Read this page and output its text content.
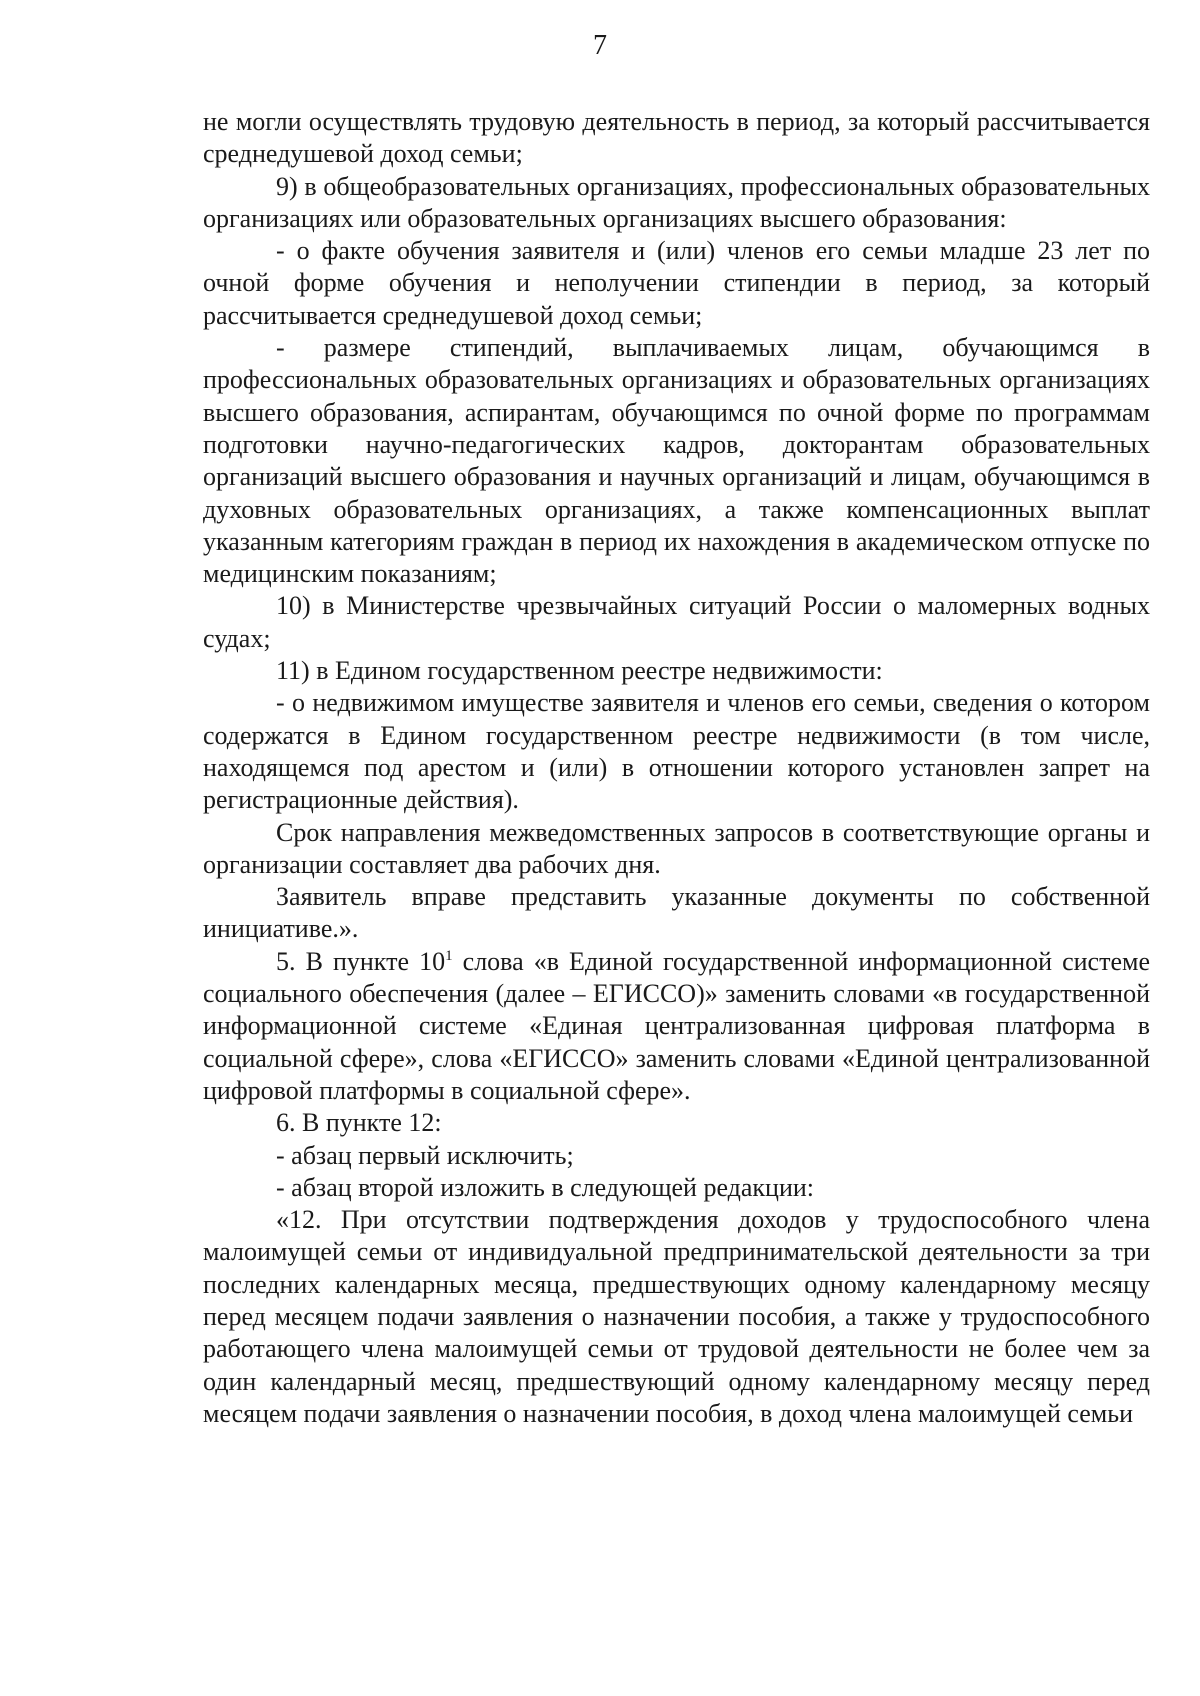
7

не могли осуществлять трудовую деятельность в период, за который рассчитывается среднедушевой доход семьи;

9) в общеобразовательных организациях, профессиональных образовательных организациях или образовательных организациях высшего образования:

- о факте обучения заявителя и (или) членов его семьи младше 23 лет по очной форме обучения и неполучении стипендии в период, за который рассчитывается среднедушевой доход семьи;

- размере стипендий, выплачиваемых лицам, обучающимся в профессиональных образовательных организациях и образовательных организациях высшего образования, аспирантам, обучающимся по очной форме по программам подготовки научно-педагогических кадров, докторантам образовательных организаций высшего образования и научных организаций и лицам, обучающимся в духовных образовательных организациях, а также компенсационных выплат указанным категориям граждан в период их нахождения в академическом отпуске по медицинским показаниям;

10) в Министерстве чрезвычайных ситуаций России о маломерных водных судах;

11) в Едином государственном реестре недвижимости:

- о недвижимом имуществе заявителя и членов его семьи, сведения о котором содержатся в Едином государственном реестре недвижимости (в том числе, находящемся под арестом и (или) в отношении которого установлен запрет на регистрационные действия).

Срок направления межведомственных запросов в соответствующие органы и организации составляет два рабочих дня.

Заявитель вправе представить указанные документы по собственной инициативе.».

5. В пункте $10^1$ слова «в Единой государственной информационной системе социального обеспечения (далее – ЕГИССО)» заменить словами «в государственной информационной системе «Единая централизованная цифровая платформа в социальной сфере», слова «ЕГИССО» заменить словами «Единой централизованной цифровой платформы в социальной сфере».

6. В пункте 12:

- абзац первый исключить;

- абзац второй изложить в следующей редакции:

«12. При отсутствии подтверждения доходов у трудоспособного члена малоимущей семьи от индивидуальной предпринимательской деятельности за три последних календарных месяца, предшествующих одному календарному месяцу перед месяцем подачи заявления о назначении пособия, а также у трудоспособного работающего члена малоимущей семьи от трудовой деятельности не более чем за один календарный месяц, предшествующий одному календарному месяцу перед месяцем подачи заявления о назначении пособия, в доход члена малоимущей семьи
